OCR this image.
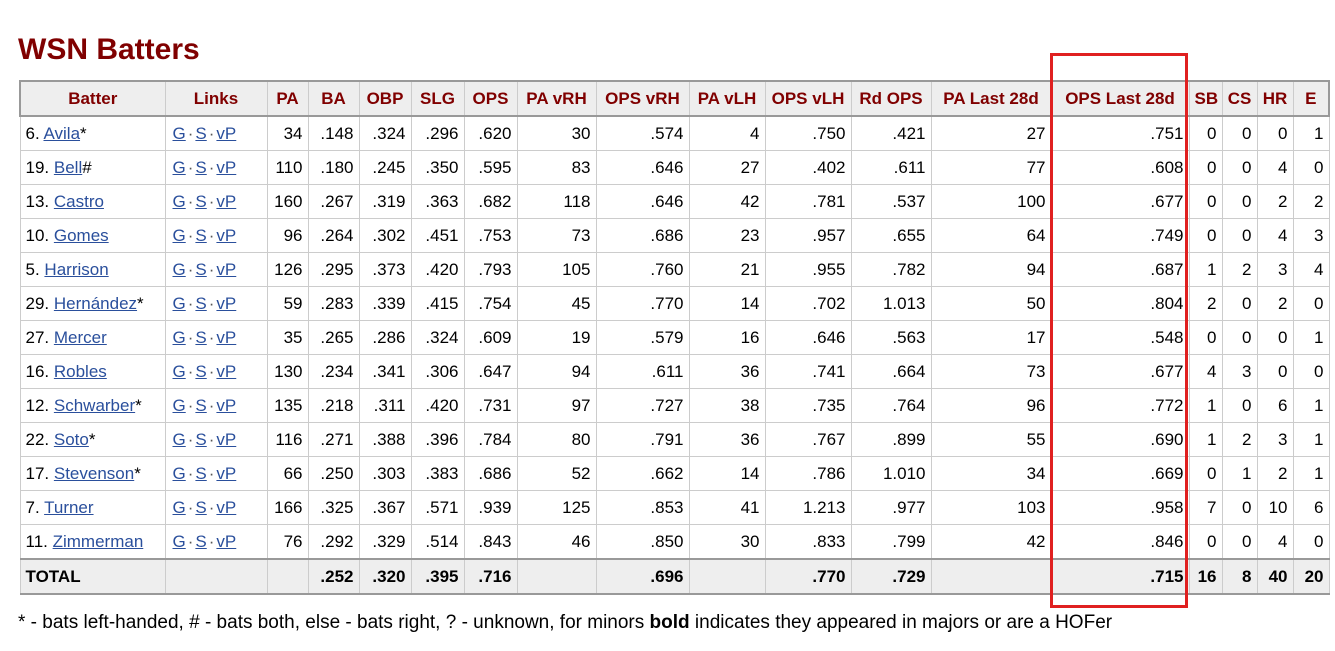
WSN Batters
Batter	Links	PA	BA	OBP	SLG	OPS	PA vRH	OPS vRH	PA vLH	OPS vLH	Rd OPS	PA Last 28d	OPS Last 28d	SB	CS	HR	E
6. Avila*	G · S · vP	34	.148	.324	.296	.620	30	.574	4	.750	.421	27	.751	0	0	0	1
19. Bell#	G · S · vP	110	.180	.245	.350	.595	83	.646	27	.402	.611	77	.608	0	0	4	0
13. Castro	G · S · vP	160	.267	.319	.363	.682	118	.646	42	.781	.537	100	.677	0	0	2	2
10. Gomes	G · S · vP	96	.264	.302	.451	.753	73	.686	23	.957	.655	64	.749	0	0	4	3
5. Harrison	G · S · vP	126	.295	.373	.420	.793	105	.760	21	.955	.782	94	.687	1	2	3	4
29. Hernández*	G · S · vP	59	.283	.339	.415	.754	45	.770	14	.702	1.013	50	.804	2	0	2	0
27. Mercer	G · S · vP	35	.265	.286	.324	.609	19	.579	16	.646	.563	17	.548	0	0	0	1
16. Robles	G · S · vP	130	.234	.341	.306	.647	94	.611	36	.741	.664	73	.677	4	3	0	0
12. Schwarber*	G · S · vP	135	.218	.311	.420	.731	97	.727	38	.735	.764	96	.772	1	0	6	1
22. Soto*	G · S · vP	116	.271	.388	.396	.784	80	.791	36	.767	.899	55	.690	1	2	3	1
17. Stevenson*	G · S · vP	66	.250	.303	.383	.686	52	.662	14	.786	1.010	34	.669	0	1	2	1
7. Turner	G · S · vP	166	.325	.367	.571	.939	125	.853	41	1.213	.977	103	.958	7	0	10	6
11. Zimmerman	G · S · vP	76	.292	.329	.514	.843	46	.850	30	.833	.799	42	.846	0	0	4	0
TOTAL			.252	.320	.395	.716		.696		.770	.729		.715	16	8	40	20

* - bats left-handed, # - bats both, else - bats right, ? - unknown, for minors bold indicates they appeared in majors or are a HOFer
